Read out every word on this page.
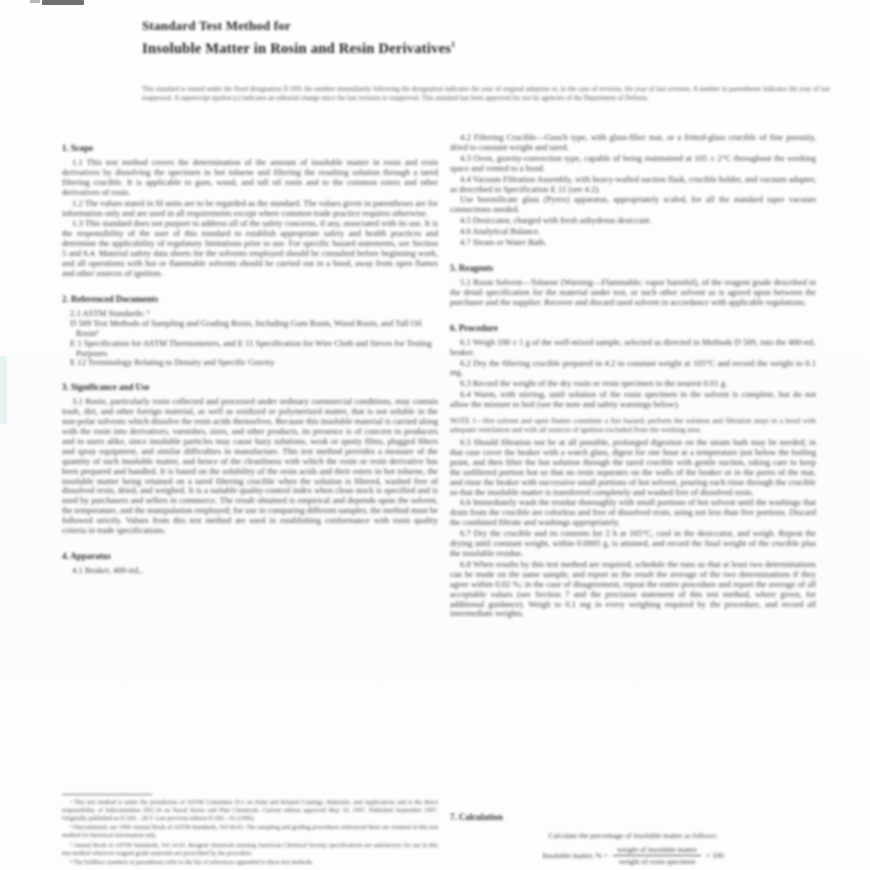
Standard Test Method for
Insoluble Matter in Rosin and Resin Derivatives$^1$

This standard is issued under the fixed designation D 269; the number immediately following the designation indicates the year of original adoption or, in the case of revision, the year of last revision. A number in parentheses indicates the year of last reapproval. A superscript epsilon (ε) indicates an editorial change since the last revision or reapproval. This standard has been approved for use by agencies of the Department of Defense.

1. Scope

1.1 This test method covers the determination of the amount of insoluble matter in rosin and resin derivatives by dissolving the specimen in hot toluene and filtering the resulting solution through a tared filtering crucible. It is applicable to gum, wood, and tall oil rosin and to the common esters and other derivatives of rosin.

1.2 The values stated in SI units are to be regarded as the standard. The values given in parentheses are for information only and are used in all requirements except where common trade practice requires otherwise.

1.3 This standard does not purport to address all of the safety concerns, if any, associated with its use. It is the responsibility of the user of this standard to establish appropriate safety and health practices and determine the applicability of regulatory limitations prior to use. For specific hazard statements, see Section 5 and 6.4. Material safety data sheets for the solvents employed should be consulted before beginning work, and all operations with hot or flammable solvents should be carried out in a hood, away from open flames and other sources of ignition.

2. Referenced Documents

2.1 ASTM Standards: ²

D 509 Test Methods of Sampling and Grading Rosin, Including Gum Rosin, Wood Rosin, and Tall Oil Rosin²

E 1 Specification for ASTM Thermometers, and E 11 Specification for Wire Cloth and Sieves for Testing Purposes

E 12 Terminology Relating to Density and Specific Gravity

3. Significance and Use

3.1 Rosin, particularly rosin collected and processed under ordinary commercial conditions, may contain trash, dirt, and other foreign material, as well as oxidized or polymerized matter, that is not soluble in the non-polar solvents which dissolve the resin acids themselves. Because this insoluble material is carried along with the rosin into derivatives, varnishes, sizes, and other products, its presence is of concern to producers and to users alike, since insoluble particles may cause hazy solutions, weak or spotty films, plugged filters and spray equipment, and similar difficulties in manufacture. This test method provides a measure of the quantity of such insoluble matter, and hence of the cleanliness with which the rosin or resin derivative has been prepared and handled. It is based on the solubility of the resin acids and their esters in hot toluene, the insoluble matter being retained on a tared filtering crucible when the solution is filtered, washed free of dissolved resin, dried, and weighed. It is a suitable quality-control index when clean stock is specified and is used by purchasers and sellers in commerce. The result obtained is empirical and depends upon the solvent, the temperature, and the manipulation employed; for use in comparing different samples, the method must be followed strictly. Values from this test method are used in establishing conformance with rosin quality criteria in trade specifications.

4. Apparatus

4.1 Beaker, 400-mL.

¹ This test method is under the jurisdiction of ASTM Committee D-1 on Paint and Related Coatings, Materials, and Applications and is the direct responsibility of Subcommittee D01.34 on Naval Stores and Pine Chemicals. Current edition approved May 10, 1997. Published September 1997. Originally published as D 269 – 28 T. Last previous edition D 269 – 91 (1996).

² Discontinued; see 1996 Annual Book of ASTM Standards, Vol 06.03. The sampling and grading procedures referenced there are retained in this test method for historical information only.

³ Annual Book of ASTM Standards, Vol 14.03. Reagent chemicals meeting American Chemical Society specifications are satisfactory for use in this test method wherever reagent grade materials are prescribed by the procedure.

⁴ The boldface numbers in parentheses refer to the list of references appended to these test methods.

4.2 Filtering Crucible—Gooch type, with glass-fiber mat, or a fritted-glass crucible of fine porosity, dried to constant weight and tared.

4.3 Oven, gravity-convection type, capable of being maintained at 105 ± 2°C throughout the working space and vented to a hood.

4.4 Vacuum Filtration Assembly, with heavy-walled suction flask, crucible holder, and vacuum adapter, as described in Specification E 11 (see 4.2).

Use borosilicate glass (Pyrex) apparatus, appropriately scaled, for all the standard taper vacuum connections needed.

4.5 Desiccator, charged with fresh anhydrous desiccant.

4.6 Analytical Balance.

4.7 Steam or Water Bath.

5. Reagents

5.1 Rosin Solvent—Toluene (Warning—Flammable; vapor harmful), of the reagent grade described in the detail specification for the material under test, or such other solvent as is agreed upon between the purchaser and the supplier. Recover and discard used solvent in accordance with applicable regulations.

6. Procedure

6.1 Weigh 100 ± 1 g of the well-mixed sample, selected as directed in Methods D 509, into the 400-mL beaker.

6.2 Dry the filtering crucible prepared in 4.2 to constant weight at 105°C and record the weight to 0.1 mg.

6.3 Record the weight of the dry rosin or resin specimen to the nearest 0.01 g.

6.4 Warm, with stirring, until solution of the rosin specimen in the solvent is complete, but do not allow the mixture to boil (see the note and safety warnings below).

NOTE 1—Hot solvent and open flames constitute a fire hazard; perform the solution and filtration steps in a hood with adequate ventilation and with all sources of ignition excluded from the working area.

6.5 Should filtration not be at all possible, prolonged digestion on the steam bath may be needed; in that case cover the beaker with a watch glass, digest for one hour at a temperature just below the boiling point, and then filter the hot solution through the tared crucible with gentle suction, taking care to keep the unfiltered portion hot so that no resin separates on the walls of the beaker or in the pores of the mat, and rinse the beaker with successive small portions of hot solvent, pouring each rinse through the crucible so that the insoluble matter is transferred completely and washed free of dissolved resin.

6.6 Immediately wash the residue thoroughly with small portions of hot solvent until the washings that drain from the crucible are colorless and free of dissolved resin, using not less than five portions. Discard the combined filtrate and washings appropriately.

6.7 Dry the crucible and its contents for 2 h at 105°C, cool in the desiccator, and weigh. Repeat the drying until constant weight, within 0.0005 g, is attained, and record the final weight of the crucible plus the insoluble residue.

6.8 When results by this test method are required, schedule the runs so that at least two determinations can be made on the same sample, and report as the result the average of the two determinations if they agree within 0.02 %; in the case of disagreement, repeat the entire procedure and report the average of all acceptable values (see Section 7 and the precision statement of this test method, where given, for additional guidance). Weigh to 0.1 mg in every weighing required by the procedure, and record all intermediate weights.

7. Calculation

Calculate the percentage of insoluble matter as follows:

Insoluble matter, % = $\frac{\text{weight of insoluble matter}}{\text{weight of rosin specimen}} \times 100$
